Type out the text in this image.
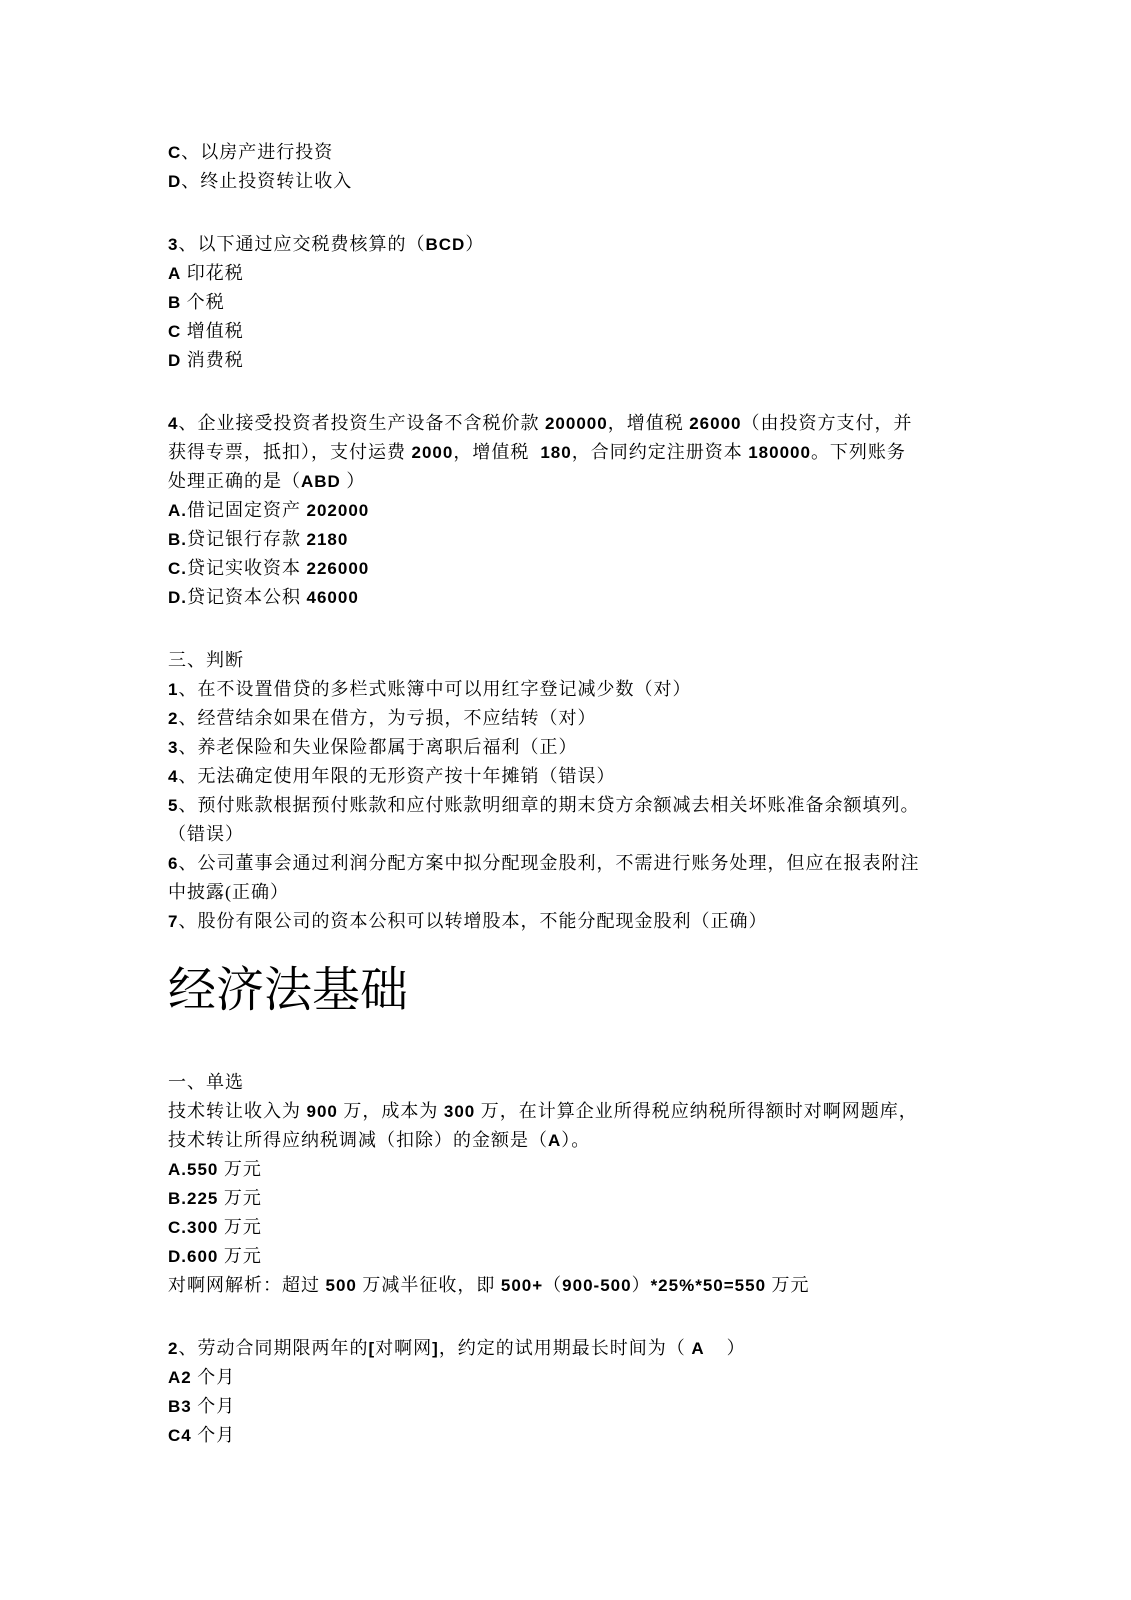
C、以房产进行投资

D、终止投资转让收入

3、以下通过应交税费核算的（BCD）

A 印花税

B 个税

C 增值税

D 消费税

4、企业接受投资者投资生产设备不含税价款 200000，增值税 26000（由投资方支付，并

获得专票，抵扣），支付运费 2000，增值税  180，合同约定注册资本 180000。下列账务

处理正确的是（ABD ）

A.借记固定资产 202000

B.贷记银行存款 2180

C.贷记实收资本 226000

D.贷记资本公积 46000

三、判断

1、在不设置借贷的多栏式账簿中可以用红字登记减少数（对）

2、经营结余如果在借方，为亏损，不应结转（对）

3、养老保险和失业保险都属于离职后福利（正）

4、无法确定使用年限的无形资产按十年摊销（错误）

5、预付账款根据预付账款和应付账款明细章的期末贷方余额减去相关坏账准备余额填列。

（错误）

6、公司董事会通过利润分配方案中拟分配现金股利，不需进行账务处理，但应在报表附注

中披露(正确）

7、股份有限公司的资本公积可以转增股本，不能分配现金股利（正确）

经济法基础

一、单选

技术转让收入为 900 万，成本为 300 万，在计算企业所得税应纳税所得额时对啊网题库，

技术转让所得应纳税调减（扣除）的金额是（A）。

A.550 万元

B.225 万元

C.300 万元

D.600 万元

对啊网解析：超过 500 万减半征收，即 500+（900-500）*25%*50=550 万元

2、劳动合同期限两年的[对啊网]，约定的试用期最长时间为（ A    ）

A2 个月

B3 个月

C4 个月
